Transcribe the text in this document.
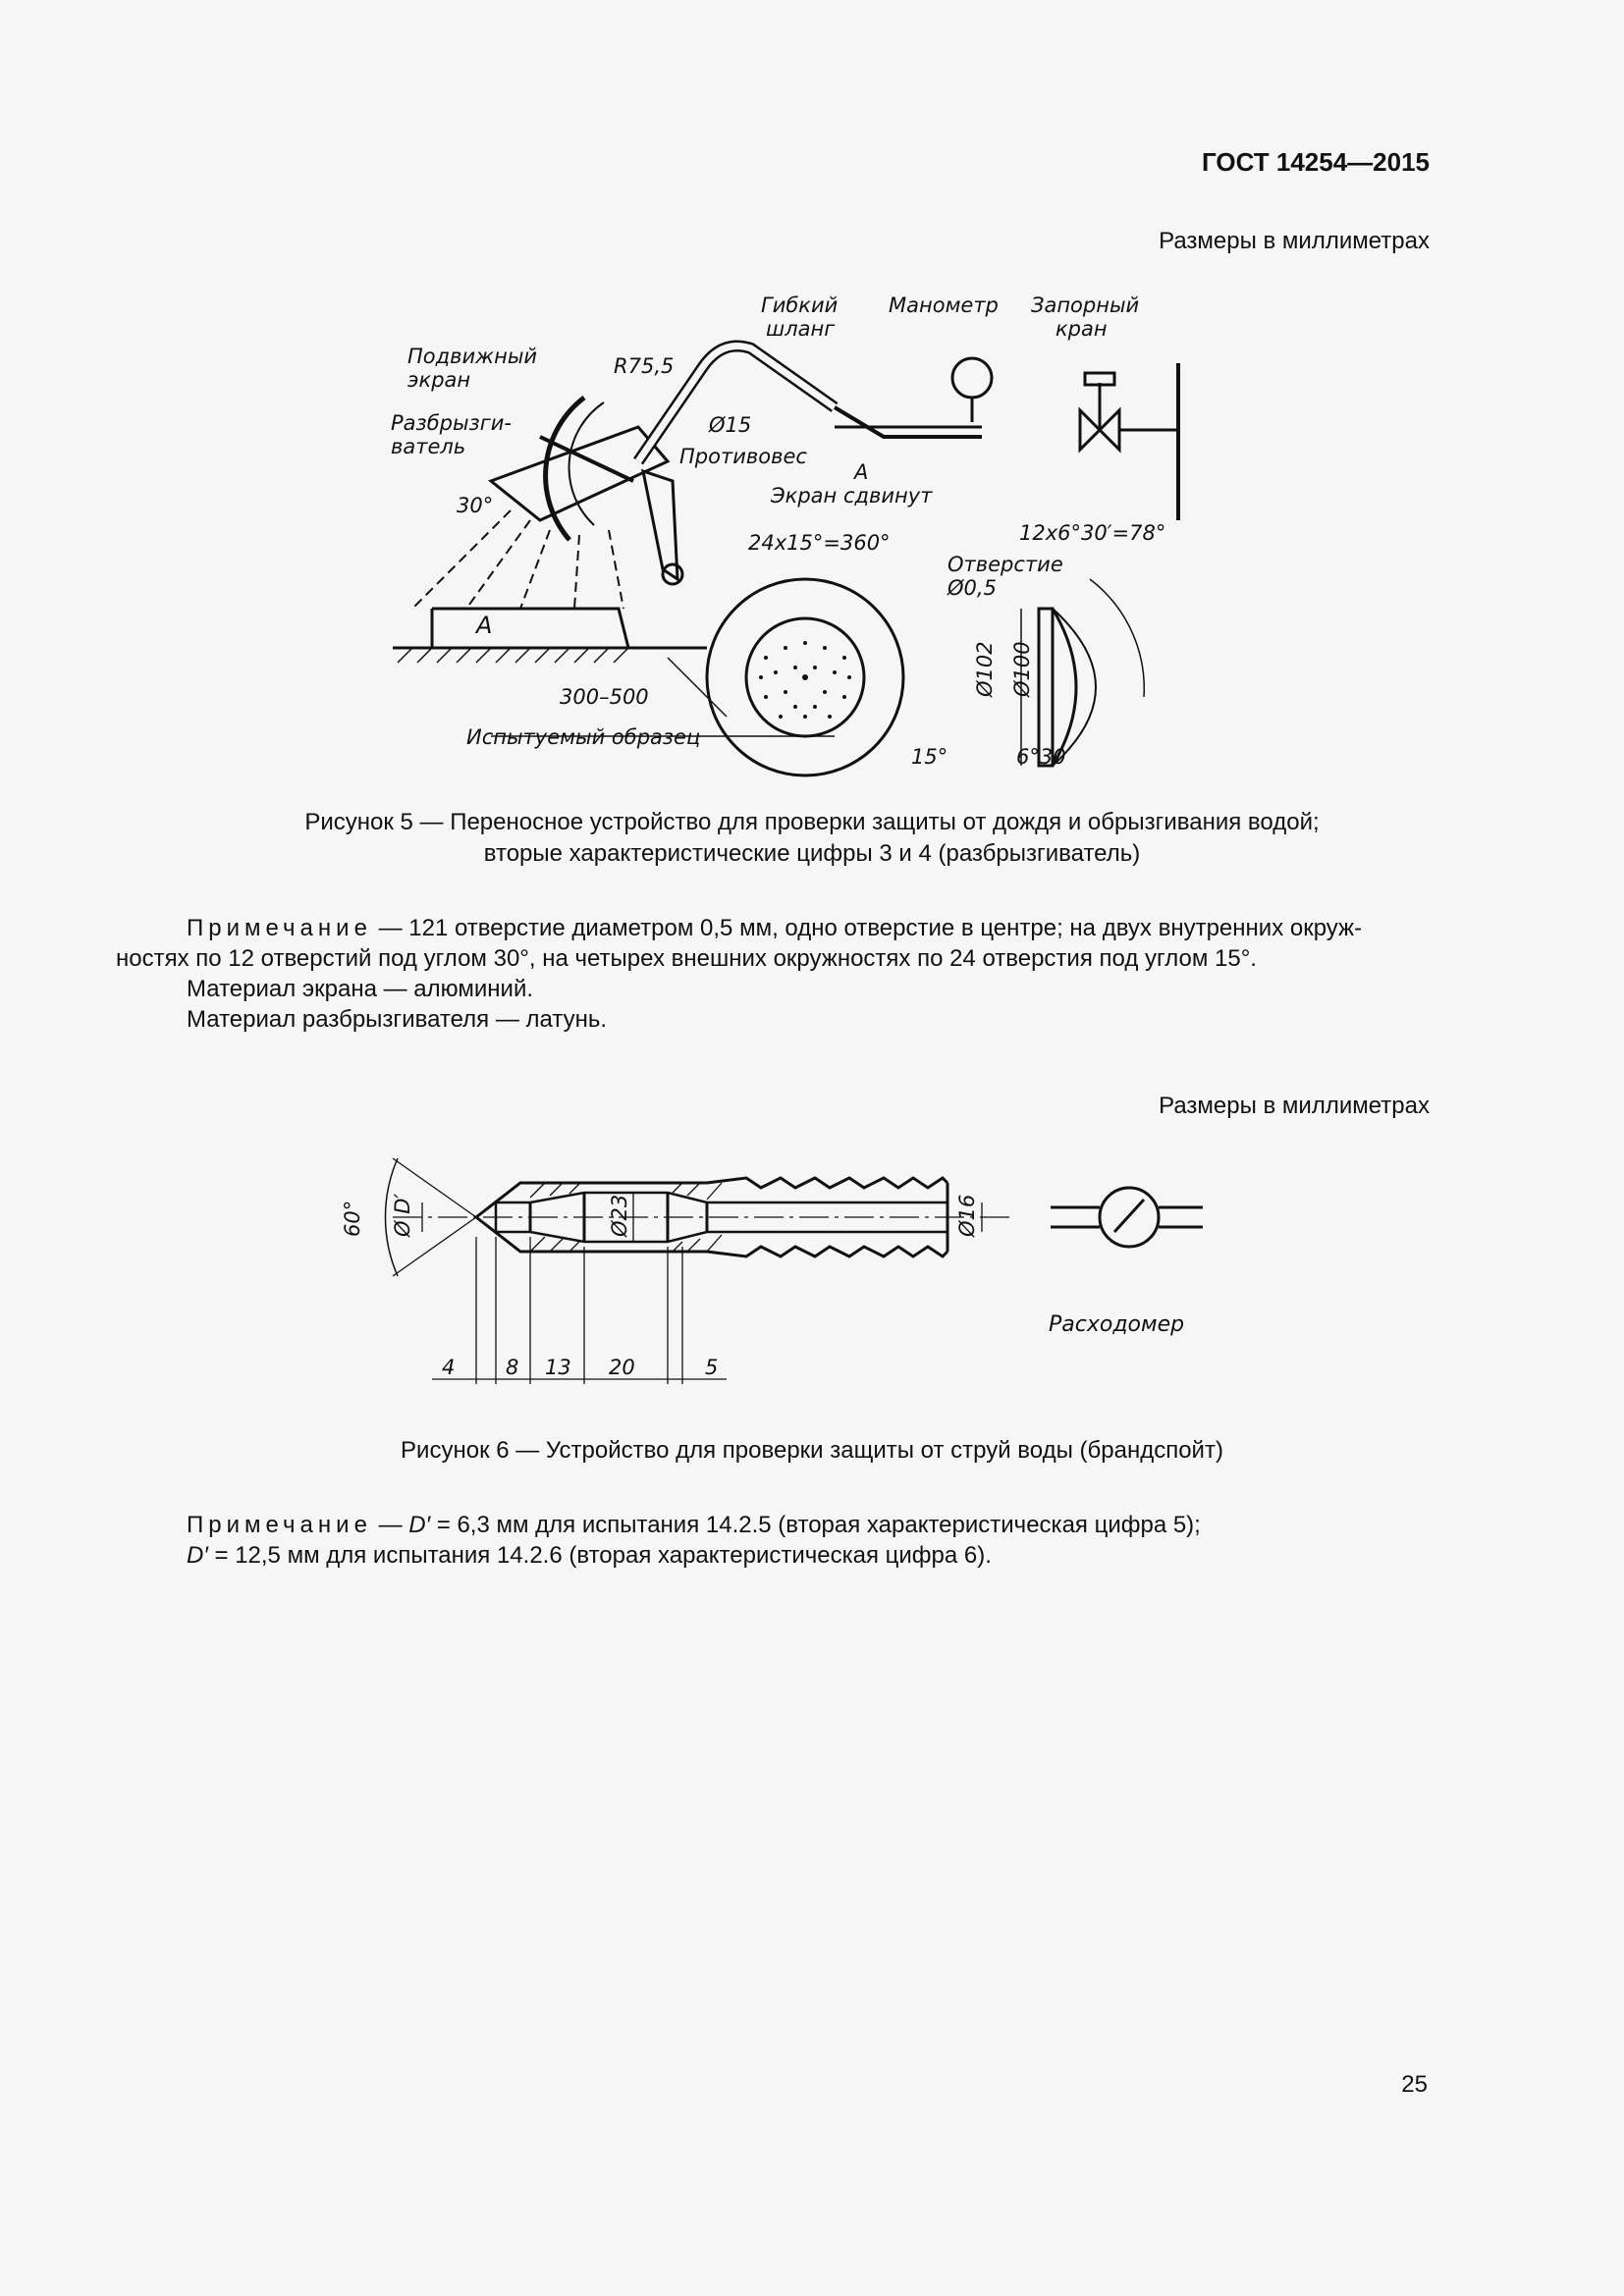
ГОСТ 14254—2015
Размеры в миллиметрах
Гибкий
шланг
Манометр Запорный
кран
Подвижный
экран
R75,5
Разбрызги-
ватель
Ø15
Противовес
30°
А
Экран сдвинут
24x15°=360°	12x6°30′=78°
Отверстие
Ø0,5
Ø102 Ø100
15°	6°30′
А
300–500
Испытуемый образец
Рисунок 5 — Переносное устройство для проверки защиты от дождя и обрызгивания водой;
вторые характеристические цифры 3 и 4 (разбрызгиватель)

Примечание — 121 отверстие диаметром 0,5 мм, одно отверстие в центре; на двух внутренних окруж-

ностях по 12 отверстий под углом 30°, на четырех внешних окружностях по 24 отверстия под углом 15°.

Материал экрана — алюминий.

Материал разбрызгивателя — латунь.

Размеры в миллиметрах
60° Ø D′	Ø23	Ø16
Расходомер
4 8 13 20	5
Рисунок 6 — Устройство для проверки защиты от струй воды (брандспойт)

Примечание — D′ = 6,3 мм для испытания 14.2.5 (вторая характеристическая цифра 5);

D′ = 12,5 мм для испытания 14.2.6 (вторая характеристическая цифра 6).

25
